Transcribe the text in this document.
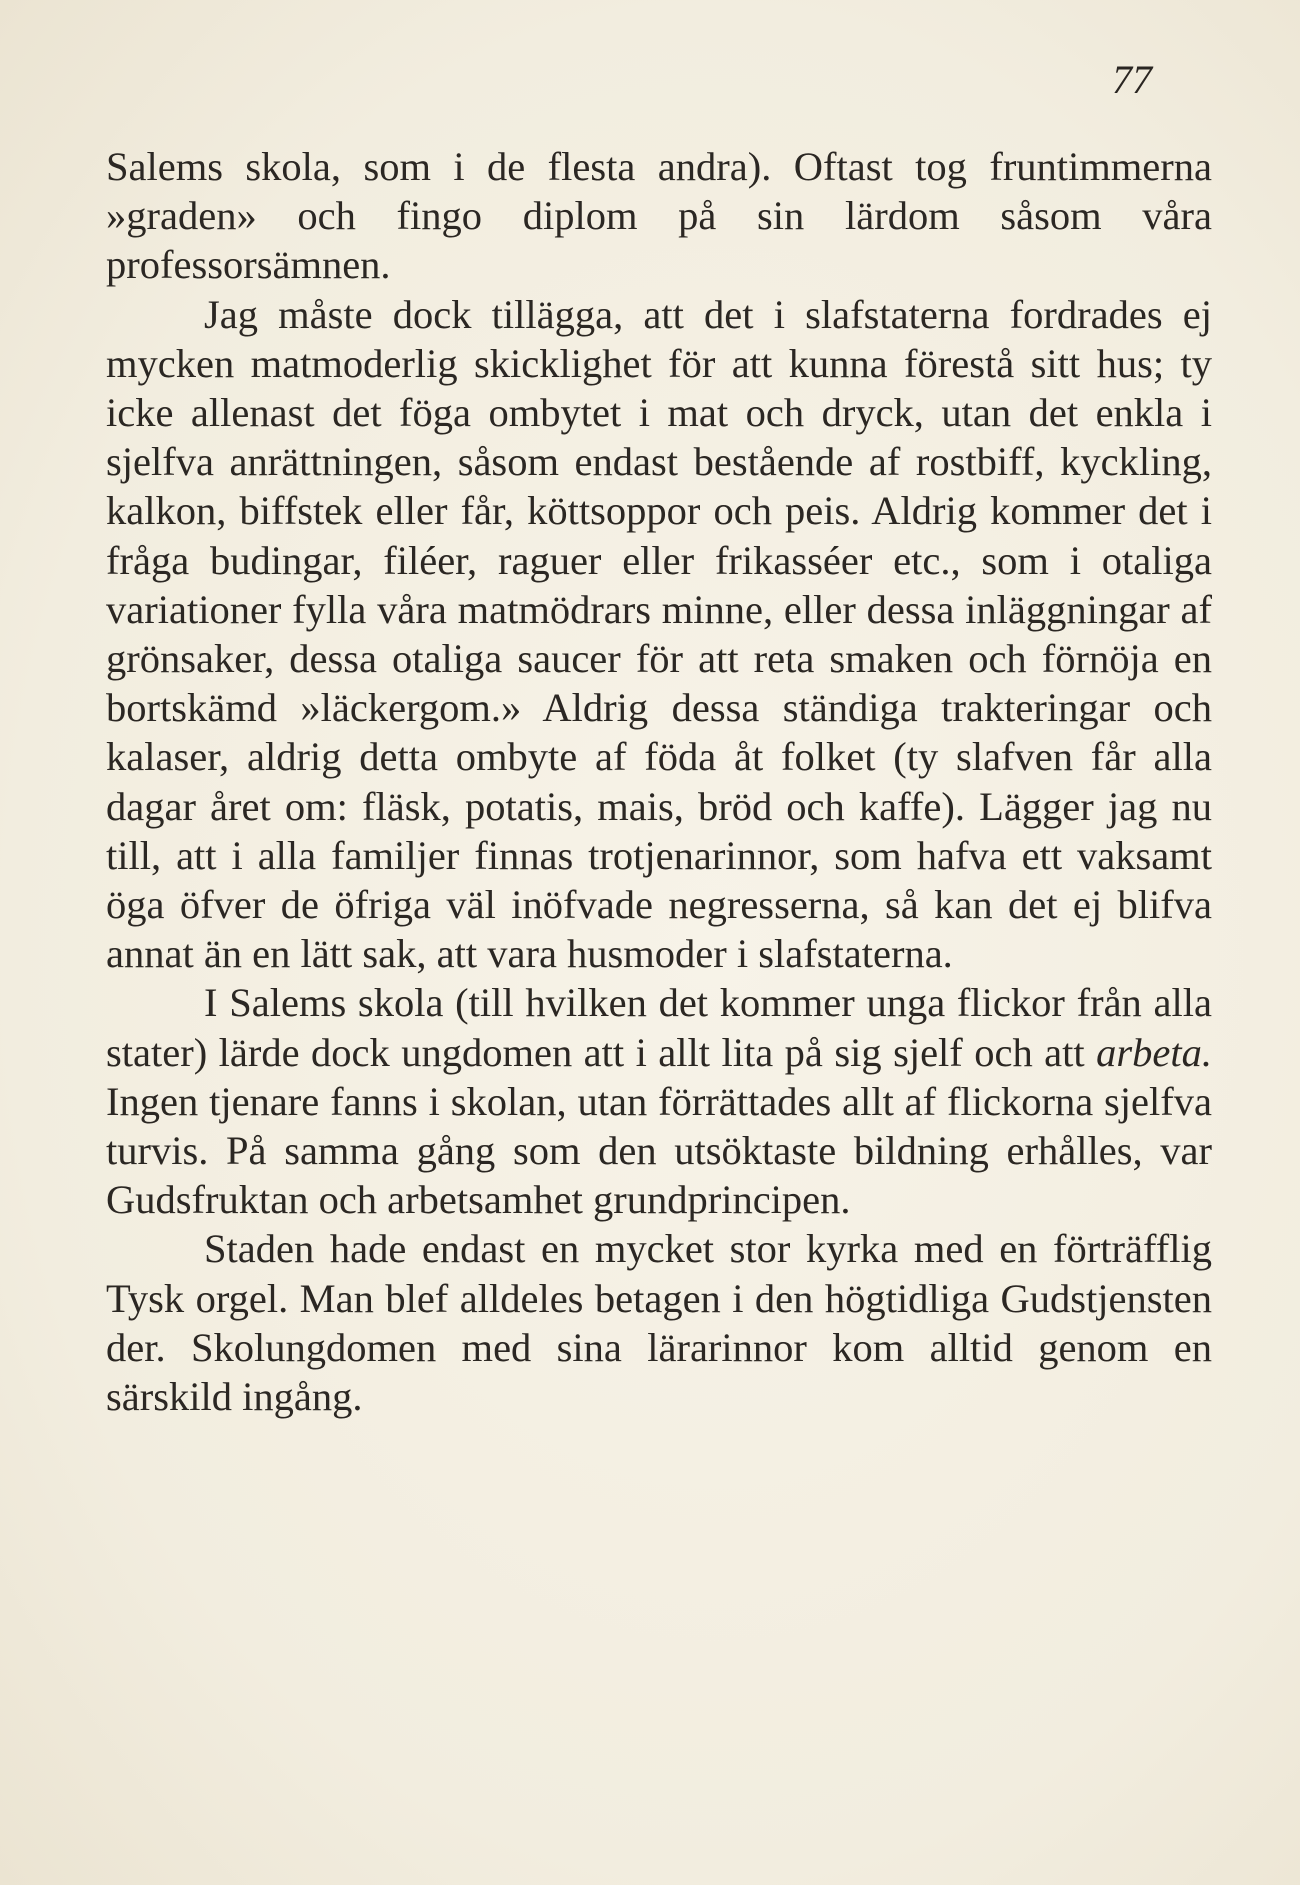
77

Salems skola, som i de flesta andra). Oftast tog fruntimmerna »graden» och fingo diplom på sin lärdom såsom våra professorsämnen.

Jag måste dock tillägga, att det i slafstaterna fordrades ej mycken matmoderlig skicklighet för att kunna förestå sitt hus; ty icke allenast det föga ombytet i mat och dryck, utan det enkla i sjelfva anrättningen, såsom endast bestående af rostbiff, kyckling, kalkon, biffstek eller får, köttsoppor och peis. Aldrig kommer det i fråga budingar, filéer, raguer eller frikasséer etc., som i otaliga variationer fylla våra matmödrars minne, eller dessa inläggningar af grönsaker, dessa otaliga saucer för att reta smaken och förnöja en bortskämd »läckergom.» Aldrig dessa ständiga trakteringar och kalaser, aldrig detta ombyte af föda åt folket (ty slafven får alla dagar året om: fläsk, potatis, mais, bröd och kaffe). Lägger jag nu till, att i alla familjer finnas trotjenarinnor, som hafva ett vaksamt öga öfver de öfriga väl inöfvade negresserna, så kan det ej blifva annat än en lätt sak, att vara husmoder i slafstaterna.

I Salems skola (till hvilken det kommer unga flickor från alla stater) lärde dock ungdomen att i allt lita på sig sjelf och att arbeta. Ingen tjenare fanns i skolan, utan förrättades allt af flickorna sjelfva turvis. På samma gång som den utsöktaste bildning erhålles, var Gudsfruktan och arbetsamhet grundprincipen.

Staden hade endast en mycket stor kyrka med en förträfflig Tysk orgel. Man blef alldeles betagen i den högtidliga Gudstjensten der. Skolungdomen med sina lärarinnor kom alltid genom en särskild ingång.
